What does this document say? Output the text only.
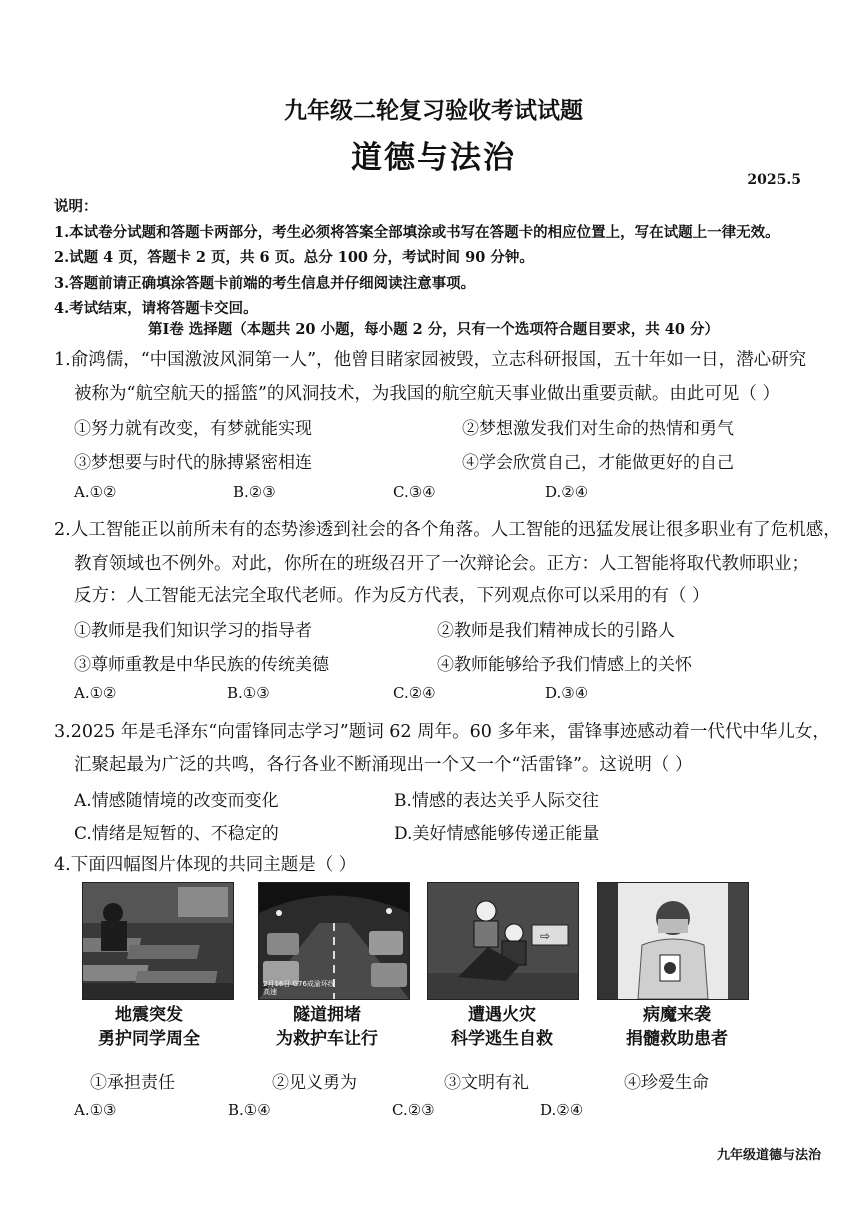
九年级二轮复习验收考试试题
道德与法治
2025.5
说明：
1.本试卷分试题和答题卡两部分，考生必须将答案全部填涂或书写在答题卡的相应位置上，写在试题上一律无效。
2.试题 4 页，答题卡 2 页，共 6 页。总分 100 分，考试时间 90 分钟。
3.答题前请正确填涂答题卡前端的考生信息并仔细阅读注意事项。
4.考试结束，请将答题卡交回。
第Ⅰ卷 选择题（本题共 20 小题，每小题 2 分，只有一个选项符合题目要求，共 40 分）
1.俞鸿儒，“中国激波风洞第一人”，他曾目睹家园被毁，立志科研报国，五十年如一日，潜心研究
被称为“航空航天的摇篮”的风洞技术，为我国的航空航天事业做出重要贡献。由此可见（ ）
①努力就有改变，有梦就能实现	②梦想激发我们对生命的热情和勇气
③梦想要与时代的脉搏紧密相连	④学会欣赏自己，才能做更好的自己
A.①②	B.②③	C.③④	D.②④
2.人工智能正以前所未有的态势渗透到社会的各个角落。人工智能的迅猛发展让很多职业有了危机感，
教育领域也不例外。对此，你所在的班级召开了一次辩论会。正方：人工智能将取代教师职业；
反方：人工智能无法完全取代老师。作为反方代表，下列观点你可以采用的有（ ）
①教师是我们知识学习的指导者	②教师是我们精神成长的引路人
③尊师重教是中华民族的传统美德	④教师能够给予我们情感上的关怀
A.①②	B.①③	C.②④	D.③④
3.2025 年是毛泽东“向雷锋同志学习”题词 62 周年。60 多年来，雷锋事迹感动着一代代中华儿女，
汇聚起最为广泛的共鸣，各行各业不断涌现出一个又一个“活雷锋”。这说明（ ）
A.情感随情境的改变而变化	B.情感的表达关乎人际交往
C.情绪是短暂的、不稳定的	D.美好情感能够传递正能量
4.下面四幅图片体现的共同主题是（ ）
2月16日 G76成渝环线高速
⇨
地震突发
勇护同学周全
隧道拥堵
为救护车让行
遭遇火灾
科学逃生自救
病魔来袭
捐髓救助患者
①承担责任	②见义勇为	③文明有礼	④珍爱生命
A.①③	B.①④	C.②③	D.②④
九年级道德与法治
